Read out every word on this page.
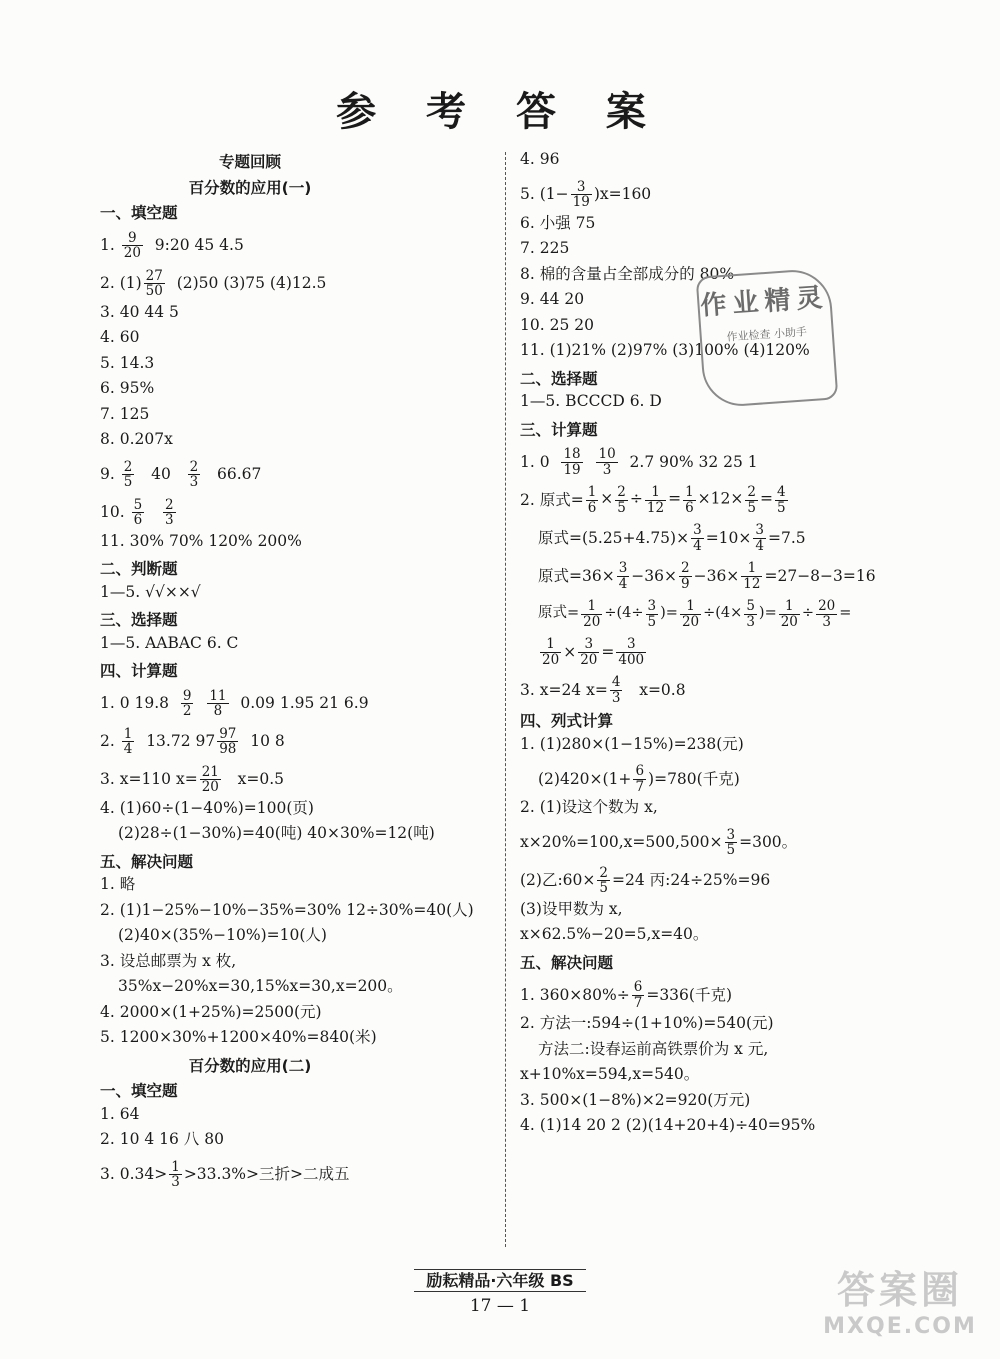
参 考 答 案
专题回顾
百分数的应用(一)
一、填空题
1.
$\frac{9}{20}$
9:20 45 4.5
2. $(1) \frac{27}{50}$
(2)50 (3)75 (4)12.5
3. 40 44 5
4. 60
5. 14.3
6. 95%
7. 125
8. 0.207x
9.
$\frac{2}{5}$
40
$\frac{2}{3}$
66.67
10.
$\frac{5}{6}$
$\frac{2}{3}$
11. 30% 70% 120% 200%
二、判断题
1—5. √√××√
三、选择题
1—5. AABAC 6. C
四、计算题
1. 0 19.8
$\frac{9}{2}$
$\frac{11}{8}$
0.09 1.95 21 6.9
2.
$\frac{1}{4}$
13.72 $97 \frac{97}{98}$
10 8
3. x=110 $x= \frac{21}{20}$
x=0.5
4. (1)60÷(1−40%)=100(页)
(2)28÷(1−30%)=40(吨) 40×30%=12(吨)
五、解决问题
1. 略
2. (1)1−25%−10%−35%=30% 12÷30%=40(人)
(2)40×(35%−10%)=10(人)
3. 设总邮票为 x 枚,
35%x−20%x=30,15%x=30,x=200。
4. 2000×(1+25%)=2500(元)
5. 1200×30%+1200×40%=840(米)
百分数的应用(二)
一、填空题
1. 64
2. 10 4 16 八 80
3. $0.34> \frac{1}{3} >33.3\%>$三折>二成五
4. 96
5. $(1- \frac{3}{19} )x=160$
6. 小强 75
7. 225
8. 棉的含量占全部成分的 80%
9. 44 20
10. 25 20
11. (1)21% (2)97% (3)100% (4)120%
二、选择题
1—5. BCCCD 6. D
三、计算题
1. 0
$\frac{18}{19}$
$\frac{10}{3}$
2.7 90% 32 25 1
2. 原式= $\frac{1}{6} \times \frac{2}{5} \div \frac{1}{12} = \frac{1}{6} \times 12\times \frac{2}{5} = \frac{4}{5}$
原式$=(5.25+4.75)\times \frac{3}{4} =10\times \frac{3}{4} =7.5$
原式$=36\times \frac{3}{4} -36\times \frac{2}{9} -36\times \frac{1}{12} =27-8-3=16$
原式= $\frac{1}{20} \div(4\div \frac{3}{5}$ )= $\frac{1}{20} \div(4\times \frac{5}{3}$ )= $\frac{1}{20} \div \frac{20}{3}$ =
$\frac{1}{20} \times \frac{3}{20} = \frac{3}{400}$
3. x=24 $x= \frac{4}{3}$
x=0.8
四、列式计算
1. (1)280×(1−15%)=238(元)
$(2)420\times(1+ \frac{6}{7} )=780$(千克)
2. (1)设这个数为 x,
$x\times 20\%=100,x=500,500\times \frac{3}{5} =300$。
(2)乙:60× $\frac{2}{5} =24$ 丙:24÷25%=96
(3)设甲数为 x,
x×62.5%−20=5,x=40。
五、解决问题
1. $360\times 80\%\div \frac{6}{7} =336$(千克)
2. 方法一:594÷(1+10%)=540(元)
方法二:设春运前高铁票价为 x 元,
x+10%x=594,x=540。
3. 500×(1−8%)×2=920(万元)
4. (1)14 20 2 (2)(14+20+4)÷40=95%
作业精灵
作业检查 小助手
励耘精品·六年级 BS
17 — 1	答案圈
MXQE.COM
